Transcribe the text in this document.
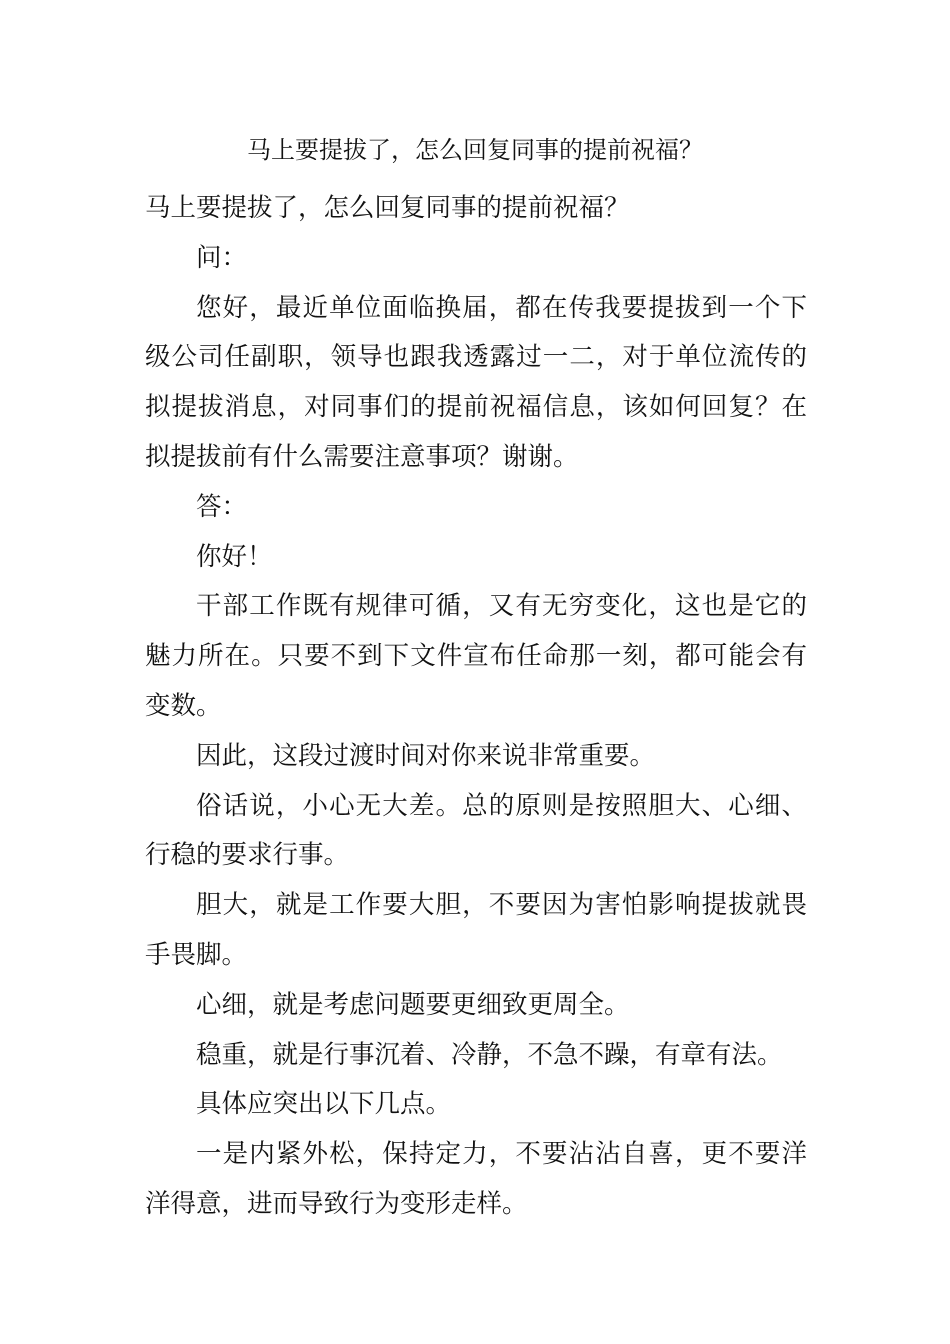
马上要提拔了，怎么回复同事的提前祝福？

马上要提拔了，怎么回复同事的提前祝福？

问：

您好，最近单位面临换届，都在传我要提拔到一个下级公司任副职，领导也跟我透露过一二，对于单位流传的拟提拔消息，对同事们的提前祝福信息，该如何回复？在拟提拔前有什么需要注意事项？谢谢。

答：

你好！

干部工作既有规律可循，又有无穷变化，这也是它的魅力所在。只要不到下文件宣布任命那一刻，都可能会有变数。

因此，这段过渡时间对你来说非常重要。

俗话说，小心无大差。总的原则是按照胆大、心细、行稳的要求行事。

胆大，就是工作要大胆，不要因为害怕影响提拔就畏手畏脚。

心细，就是考虑问题要更细致更周全。

稳重，就是行事沉着、冷静，不急不躁，有章有法。

具体应突出以下几点。

一是内紧外松，保持定力，不要沾沾自喜，更不要洋洋得意，进而导致行为变形走样。
